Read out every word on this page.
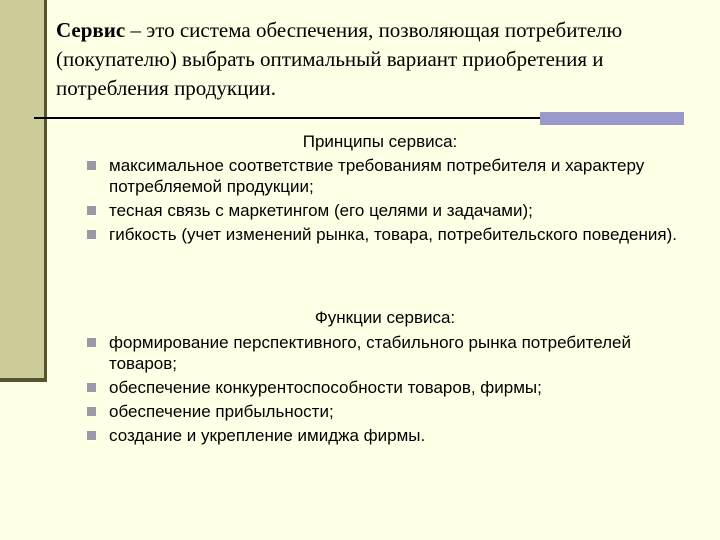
Сервис – это система обеспечения, позволяющая потребителю (покупателю) выбрать оптимальный вариант приобретения и потребления продукции.
Принципы сервиса:
максимальное соответствие требованиям потребителя и характеру потребляемой продукции;
тесная связь с маркетингом (его целями и задачами);
гибкость (учет изменений рынка, товара, потребительского поведения).
Функции сервиса:
формирование перспективного, стабильного рынка потребителей товаров;
обеспечение конкурентоспособности товаров, фирмы;
обеспечение прибыльности;
создание и укрепление имиджа фирмы.
